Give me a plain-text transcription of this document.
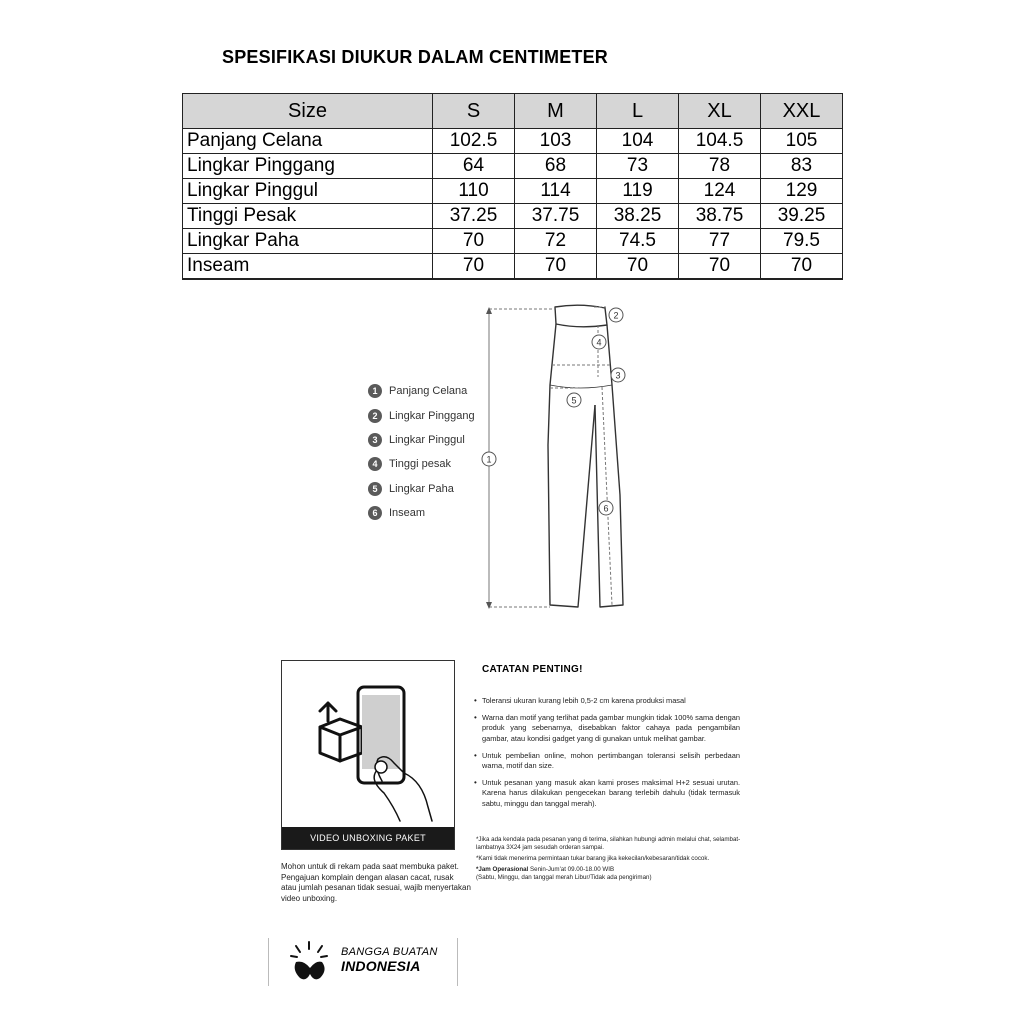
SPESIFIKASI DIUKUR DALAM CENTIMETER
Size	S	M	L	XL	XXL
Panjang Celana	102.5	103	104	104.5	105
Lingkar Pinggang	64	68	73	78	83
Lingkar Pinggul	110	114	119	124	129
Tinggi Pesak	37.25	37.75	38.25	38.75	39.25
Lingkar Paha	70	72	74.5	77	79.5
Inseam	70	70	70	70	70
1	Panjang Celana
2	Lingkar Pinggang
3	Lingkar Pinggul
4	Tinggi pesak
5	Lingkar Paha
6	Inseam
1
2
3
4
5
6
VIDEO UNBOXING PAKET
Mohon untuk di rekam pada saat membuka paket. Pengajuan komplain dengan alasan cacat, rusak atau jumlah pesanan tidak sesuai, wajib menyertakan video unboxing.
CATATAN PENTING!
• Toleransi ukuran kurang lebih 0,5-2 cm karena produksi masal
• Warna dan motif yang terlihat pada gambar mungkin tidak 100% sama dengan produk yang sebenarnya, disebabkan faktor cahaya pada pengambilan gambar, atau kondisi gadget yang di gunakan untuk melihat gambar.
• Untuk pembelian online, mohon pertimbangan toleransi selisih perbedaan warna, motif dan size.
• Untuk pesanan yang masuk akan kami proses maksimal H+2 sesuai urutan. Karena harus dilakukan pengecekan barang terlebih dahulu (tidak termasuk sabtu, minggu dan tanggal merah).

*Jika ada kendala pada pesanan yang di terima, silahkan hubungi admin melalui chat, selambat-lambatnya 3X24 jam sesudah orderan sampai.

*Kami tidak menerima permintaan tukar barang jika kekecilan/kebesaran/tidak cocok.

*Jam Operasional Senin-Jum'at 09.00-18.00 WIB
(Sabtu, Minggu, dan tanggal merah Libur/Tidak ada pengiriman)

BANGGA BUATAN
INDONESIA
